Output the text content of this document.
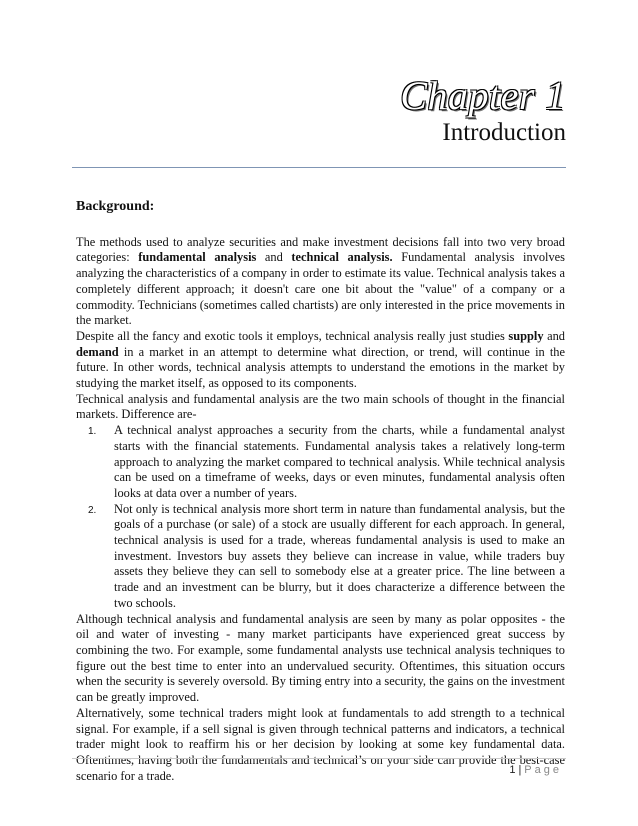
Chapter 1
Introduction

Background:

The methods used to analyze securities and make investment decisions fall into two very broad categories: fundamental analysis and technical analysis. Fundamental analysis involves analyzing the characteristics of a company in order to estimate its value. Technical analysis takes a completely different approach; it doesn't care one bit about the "value" of a company or a commodity. Technicians (sometimes called chartists) are only interested in the price movements in the market.

Despite all the fancy and exotic tools it employs, technical analysis really just studies supply and demand in a market in an attempt to determine what direction, or trend, will continue in the future. In other words, technical analysis attempts to understand the emotions in the market by studying the market itself, as opposed to its components.

Technical analysis and fundamental analysis are the two main schools of thought in the financial markets. Difference are-

1. A technical analyst approaches a security from the charts, while a fundamental analyst starts with the financial statements. Fundamental analysis takes a relatively long-term approach to analyzing the market compared to technical analysis. While technical analysis can be used on a timeframe of weeks, days or even minutes, fundamental analysis often looks at data over a number of years.
2. Not only is technical analysis more short term in nature than fundamental analysis, but the goals of a purchase (or sale) of a stock are usually different for each approach. In general, technical analysis is used for a trade, whereas fundamental analysis is used to make an investment. Investors buy assets they believe can increase in value, while traders buy assets they believe they can sell to somebody else at a greater price. The line between a trade and an investment can be blurry, but it does characterize a difference between the two schools.

Although technical analysis and fundamental analysis are seen by many as polar opposites - the oil and water of investing - many market participants have experienced great success by combining the two. For example, some fundamental analysts use technical analysis techniques to figure out the best time to enter into an undervalued security. Oftentimes, this situation occurs when the security is severely oversold. By timing entry into a security, the gains on the investment can be greatly improved.

Alternatively, some technical traders might look at fundamentals to add strength to a technical signal. For example, if a sell signal is given through technical patterns and indicators, a technical trader might look to reaffirm his or her decision by looking at some key fundamental data. Oftentimes, having both the fundamentals and technical’s on your side can provide the best-case scenario for a trade.	1 | Page
